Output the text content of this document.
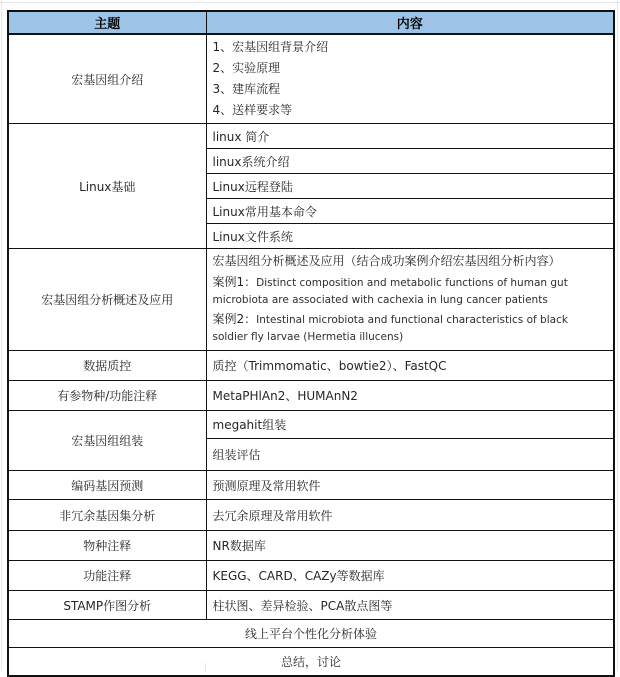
主题	内容
宏基因组介绍	1、宏基因组背景介绍
2、实验原理
3、建库流程
4、送样要求等

Linux基础	linux 简介
	linux系统介绍
	Linux远程登陆
	Linux常用基本命令
	Linux文件系统
宏基因组分析概述及应用	宏基因组分析概述及应用（结合成功案例介绍宏基因组分析内容）
案例1：Distinct composition and metabolic functions of human gut microbiota are associated with cachexia in lung cancer patients
案例2：Intestinal microbiota and functional characteristics of black soldier fly larvae (Hermetia illucens)

数据质控	质控（Trimmomatic、bowtie2）、FastQC
有参物种/功能注释	MetaPHlAn2、HUMAnN2
宏基因组组装	megahit组装
	组装评估
编码基因预测	预测原理及常用软件
非冗余基因集分析	去冗余原理及常用软件
物种注释	NR数据库
功能注释	KEGG、CARD、CAZy等数据库
STAMP作图分析	柱状图、差异检验、PCA散点图等
线上平台个性化分析体验	
总结，讨论	
